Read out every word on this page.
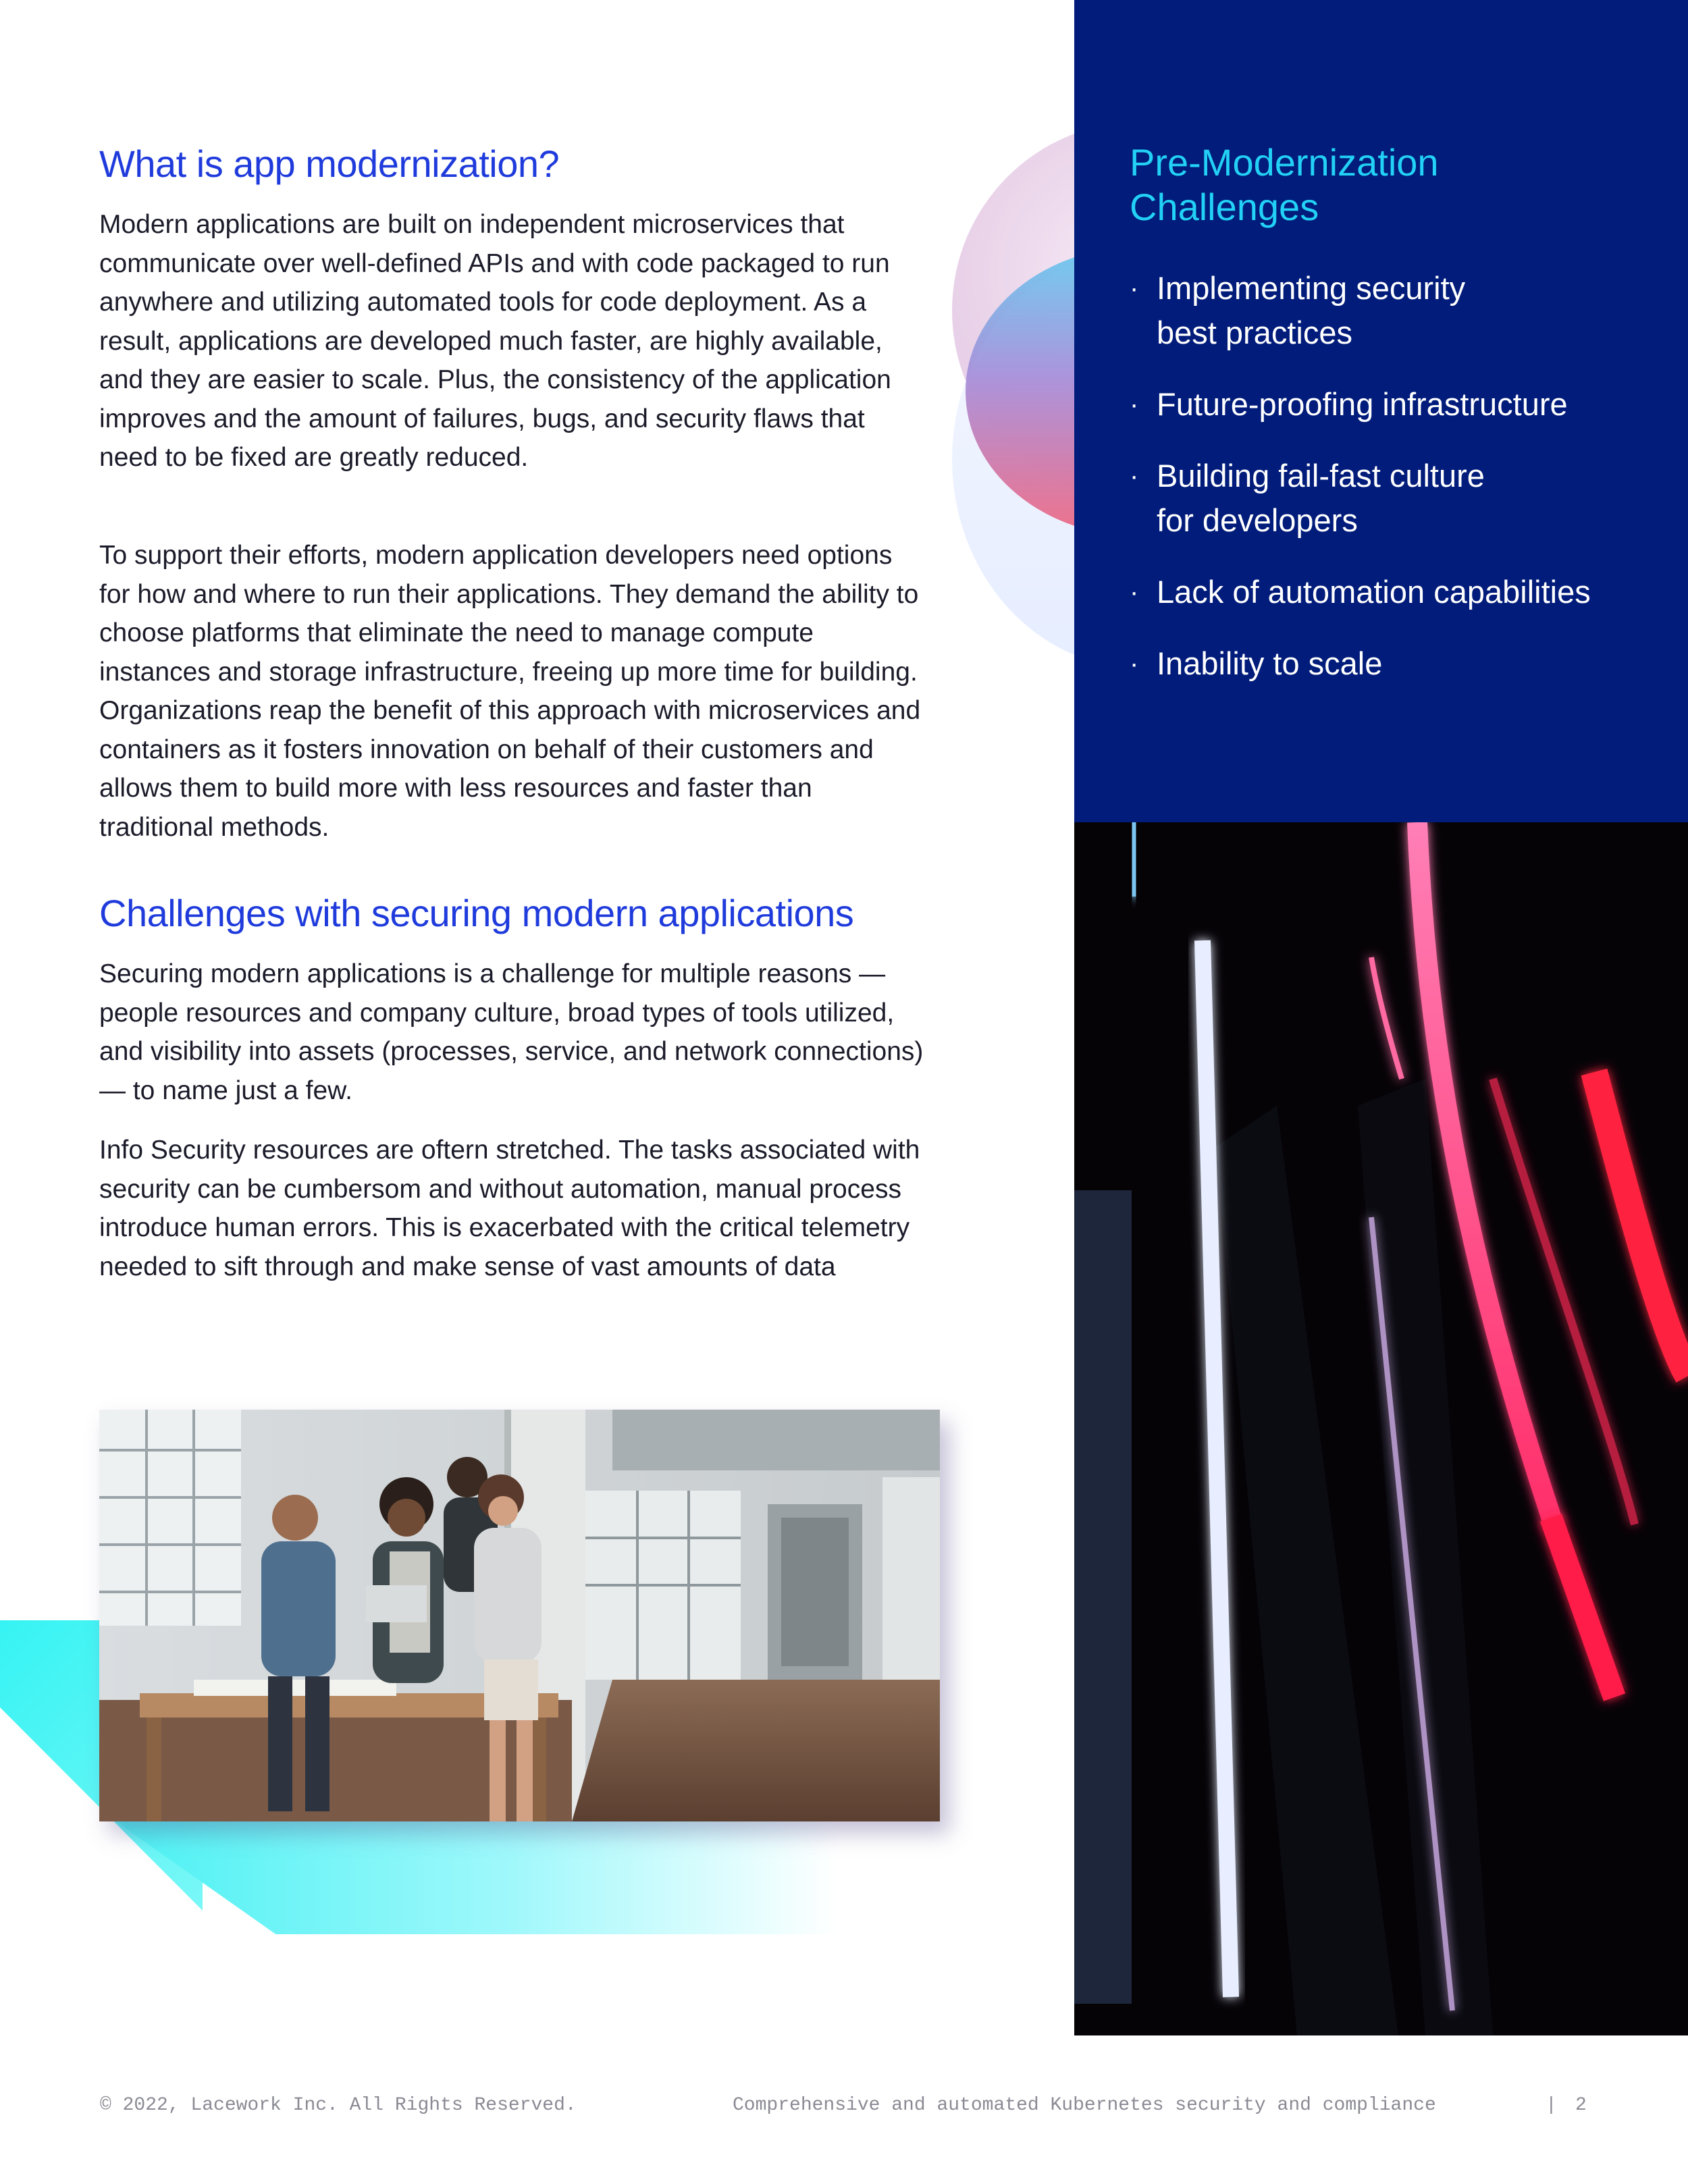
What is app modernization?

Modern applications are built on independent microservices that communicate over well-defined APIs and with code packaged to run anywhere and utilizing automated tools for code deployment. As a result, applications are developed much faster, are highly available, and they are easier to scale. Plus, the consistency of the application improves and the amount of failures, bugs, and security flaws that need to be fixed are greatly reduced.

To support their efforts, modern application developers need options for how and where to run their applications. They demand the ability to choose platforms that eliminate the need to manage compute instances and storage infrastructure, freeing up more time for building. Organizations reap the benefit of this approach with microservices and containers as it fosters innovation on behalf of their customers and allows them to build more with less resources and faster than traditional methods.

Challenges with securing modern applications

Securing modern applications is a challenge for multiple reasons — people resources and company culture, broad types of tools utilized, and visibility into assets (processes, service, and network connections) — to name just a few.

Info Security resources are oftern stretched. The tasks associated with security can be cumbersom and without automation, manual process introduce human errors. This is exacerbated with the critical telemetry needed to sift through and make sense of vast amounts of data

Pre-Modernization
Challenges
· Implementing security
best practices
· Future-proofing infrastructure
· Building fail-fast culture
for developers
· Lack of automation capabilities
· Inability to scale
© 2022, Lacework Inc. All Rights Reserved.	Comprehensive and automated Kubernetes security and compliance	| 2
